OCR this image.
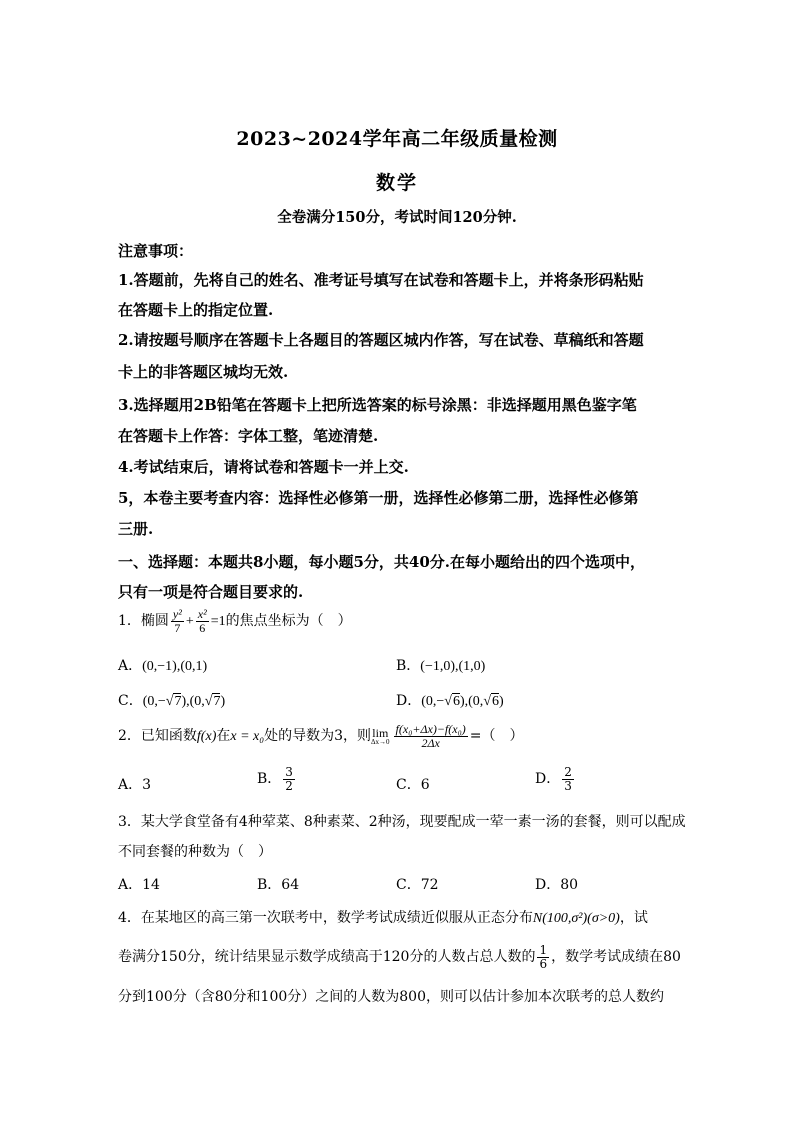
2023~2024学年高二年级质量检测
数学
全卷满分150分，考试时间120分钟.
注意事项：
1.答题前，先将自己的姓名、准考证号填写在试卷和答题卡上，并将条形码粘贴
在答题卡上的指定位置.
2.请按题号顺序在答题卡上各题目的答题区城内作答，写在试卷、草稿纸和答题
卡上的非答题区城均无效.
3.选择题用2B铅笔在答题卡上把所选答案的标号涂黑：非选择题用黑色鉴字笔
在答题卡上作答：字体工整，笔迹清楚.
4.考试结束后，请将试卷和答题卡一并上交.
5，本卷主要考查内容：选择性必修第一册，选择性必修第二册，选择性必修第
三册.
一、选择题：本题共8小题，每小题5分，共40分.在每小题给出的四个选项中，
只有一项是符合题目要求的.
1．椭圆 $\frac{\text{y²}}{7} + \frac{\text{x²}}{6} =1$的焦点坐标为（　）
A．(0,−1),(0,1)	B．(−1,0),(1,0)
C．(0,−√7),(0,√7)	D．(0,−√6),(0,√6)
2．已知函数f(x)在x = x₀处的导数为3，则 lim
$\Delta x\to 0 \frac{\text{f(x₀+Δx)−f(x₀)}}{2\Delta x}$ =（　）
A．3	B． $\frac{3}{2}$	C．6	D． $\frac{2}{3}$
3．某大学食堂备有4种荤菜、8种素菜、2种汤，现要配成一荤一素一汤的套餐，则可以配成
不同套餐的种数为（　）
A．14	B．64	C．72	D．80
4．在某地区的高三第一次联考中，数学考试成绩近似服从正态分布N(100,σ²)(σ>0)，试
卷满分150分，统计结果显示数学成绩高于120分的人数占总人数的 $\frac{1}{6}$ ，数学考试成绩在80
分到100分（含80分和100分）之间的人数为800，则可以估计参加本次联考的总人数约
